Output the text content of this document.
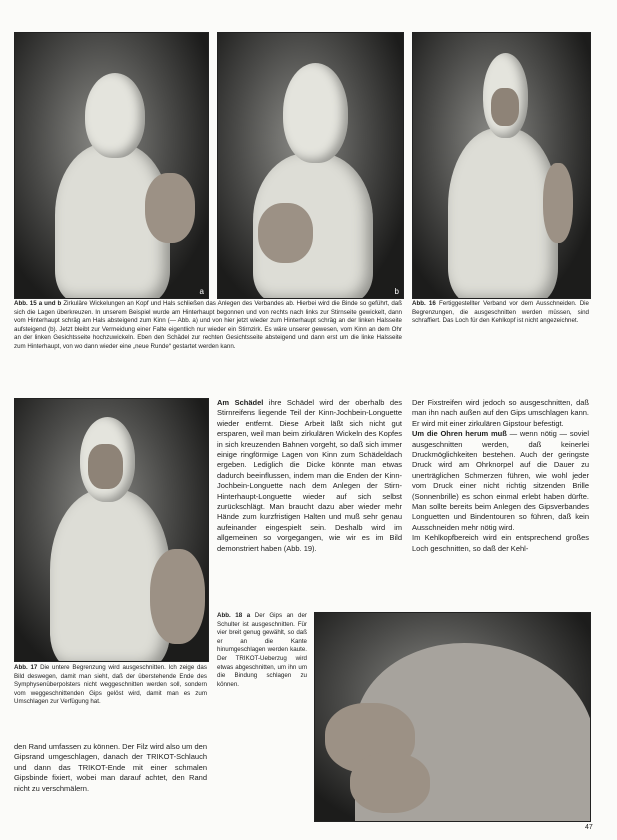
a	b
Abb. 15 a und b Zirkuläre Wickelungen an Kopf und Hals schließen das Anlegen des Verbandes ab. Hierbei wird die Binde so geführt, daß sich die Lagen überkreuzen. In unserem Beispiel wurde am Hinterhaupt begonnen und von rechts nach links zur Stirnseite gewickelt, dann vom Hinterhaupt schräg am Hals absteigend zum Kinn (— Abb. a) und von hier jetzt wieder zum Hinterhaupt schräg an der linken Halsseite aufsteigend (b). Jetzt bleibt zur Vermeidung einer Falte eigentlich nur wieder ein Stirnzirk. Es wäre unserer gewesen, vom Kinn an dem Ohr an der linken Gesichtsseite hochzuwickeln. Eben den Schädel zur rechten Gesichtsseite absteigend und dann erst um die linke Halsseite zum Hinterhaupt, von wo dann wieder eine „neue Runde“ gestartet werden kann.
Abb. 16 Fertiggestellter Verband vor dem Ausschneiden. Die Begrenzungen, die ausgeschnitten werden müssen, sind schraffiert. Das Loch für den Kehlkopf ist nicht angezeichnet.
Abb. 17 Die untere Begrenzung wird ausgeschnitten. Ich zeige das Bild deswegen, damit man sieht, daß der überstehende Ende des Symphysenüberpolsters nicht weggeschnitten werden soll, sondern vom weggeschnittenden Gips gelöst wird, damit man es zum Umschlagen zur Verfügung hat.

den Rand umfassen zu können. Der Filz wird also um den Gipsrand umgeschlagen, danach der TRIKOT-Schlauch und dann das TRIKOT-Ende mit einer schmalen Gipsbinde fixiert, wobei man darauf achtet, den Rand nicht zu verschmälern.

Am Schädel ihre Schädel wird der oberhalb des Stirnreifens liegende Teil der Kinn-Jochbein-Longuette wieder entfernt. Diese Arbeit läßt sich nicht gut ersparen, weil man beim zirkulären Wickeln des Kopfes in sich kreuzenden Bahnen vorgeht, so daß sich immer einige ringförmige Lagen von Kinn zum Schädeldach ergeben. Lediglich die Dicke könnte man etwas dadurch beeinflussen, indem man die Enden der Kinn-Jochbein-Longuette nach dem Anlegen der Stirn-Hinterhaupt-Longuette wieder auf sich selbst zurückschlägt. Man braucht dazu aber wieder mehr Hände zum kurzfristigen Halten und muß sehr genau aufeinander eingespielt sein. Deshalb wird im allgemeinen so vorgegangen, wie wir es im Bild demonstriert haben (Abb. 19).

Der Fixstreifen wird jedoch so ausgeschnitten, daß man ihn nach außen auf den Gips umschlagen kann. Er wird mit einer zirkulären Gipstour befestigt.

Um die Ohren herum muß — wenn nötig — soviel ausgeschnitten werden, daß keinerlei Druckmöglichkeiten bestehen. Auch der geringste Druck wird am Ohrknorpel auf die Dauer zu unerträglichen Schmerzen führen, wie wohl jeder vom Druck einer nicht richtig sitzenden Brille (Sonnenbrille) es schon einmal erlebt haben dürfte. Man sollte bereits beim Anlegen des Gipsverbandes Longuetten und Bindentouren so führen, daß kein Ausschneiden mehr nötig wird.

Im Kehlkopfbereich wird ein entsprechend großes Loch geschnitten, so daß der Kehl-

Abb. 18 a Der Gips an der Schulter ist ausgeschnitten. Für vier breit genug gewählt, so daß er an die Kante hinumgeschlagen werden kaute. Der TRIKOT-Ueberzug wird etwas abgeschnitten, um ihn um die Bindung schlagen zu können.
47
